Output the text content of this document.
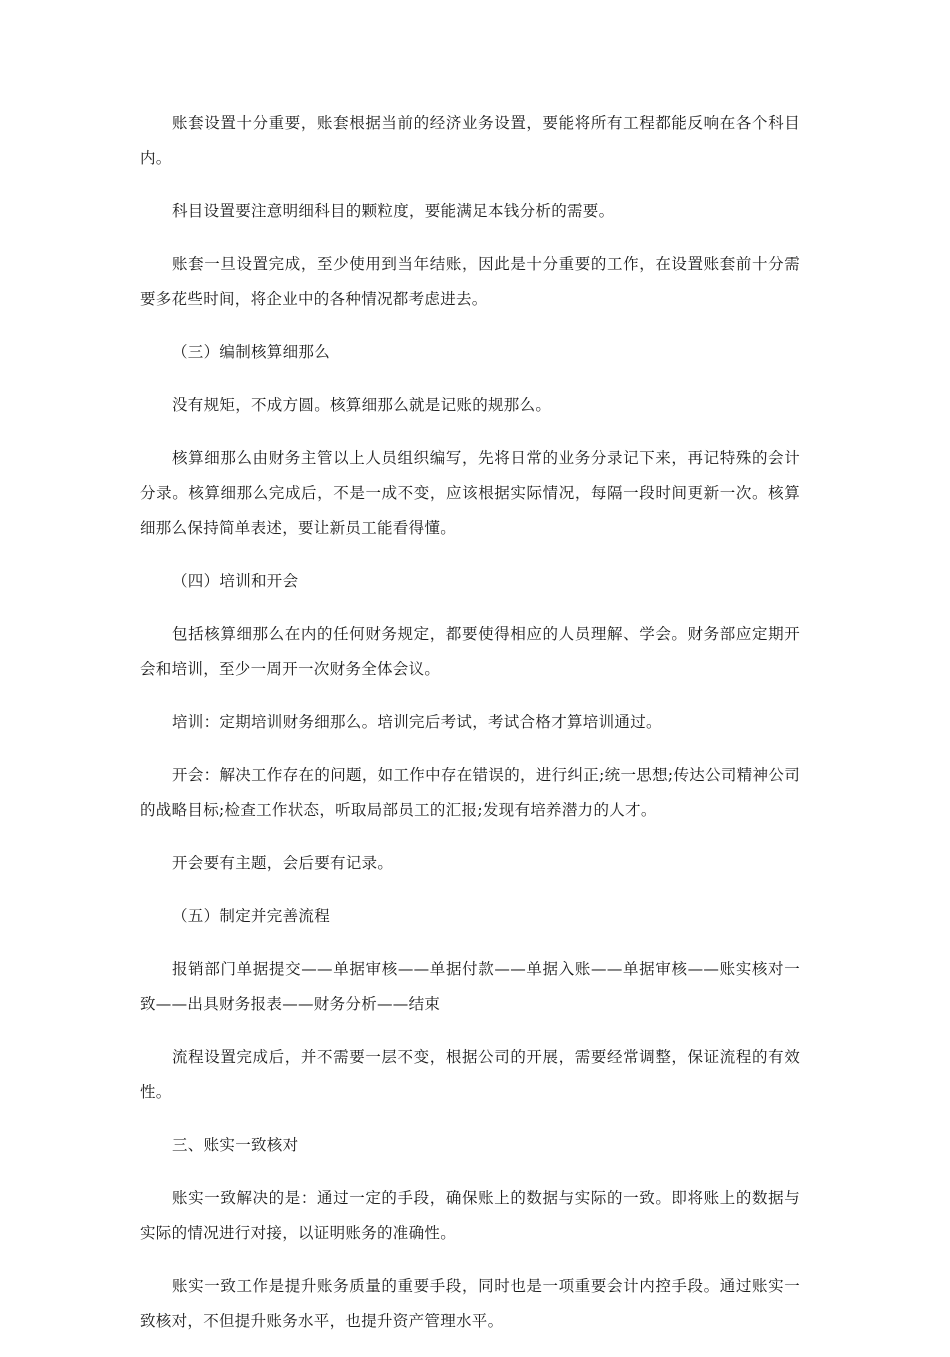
账套设置十分重要，账套根据当前的经济业务设置，要能将所有工程都能反响在各个科目内。

科目设置要注意明细科目的颗粒度，要能满足本钱分析的需要。

账套一旦设置完成，至少使用到当年结账，因此是十分重要的工作，在设置账套前十分需要多花些时间，将企业中的各种情况都考虑进去。

（三）编制核算细那么

没有规矩，不成方圆。核算细那么就是记账的规那么。

核算细那么由财务主管以上人员组织编写，先将日常的业务分录记下来，再记特殊的会计分录。核算细那么完成后，不是一成不变，应该根据实际情况，每隔一段时间更新一次。核算细那么保持简单表述，要让新员工能看得懂。

（四）培训和开会

包括核算细那么在内的任何财务规定，都要使得相应的人员理解、学会。财务部应定期开会和培训，至少一周开一次财务全体会议。

培训：定期培训财务细那么。培训完后考试，考试合格才算培训通过。

开会：解决工作存在的问题，如工作中存在错误的，进行纠正;统一思想;传达公司精神公司的战略目标;检查工作状态，听取局部员工的汇报;发现有培养潜力的人才。

开会要有主题，会后要有记录。

（五）制定并完善流程

报销部门单据提交——单据审核——单据付款——单据入账——单据审核——账实核对一致——出具财务报表——财务分析——结束

流程设置完成后，并不需要一层不变，根据公司的开展，需要经常调整，保证流程的有效性。

三、账实一致核对

账实一致解决的是：通过一定的手段，确保账上的数据与实际的一致。即将账上的数据与实际的情况进行对接，以证明账务的准确性。

账实一致工作是提升账务质量的重要手段，同时也是一项重要会计内控手段。通过账实一致核对，不但提升账务水平，也提升资产管理水平。
